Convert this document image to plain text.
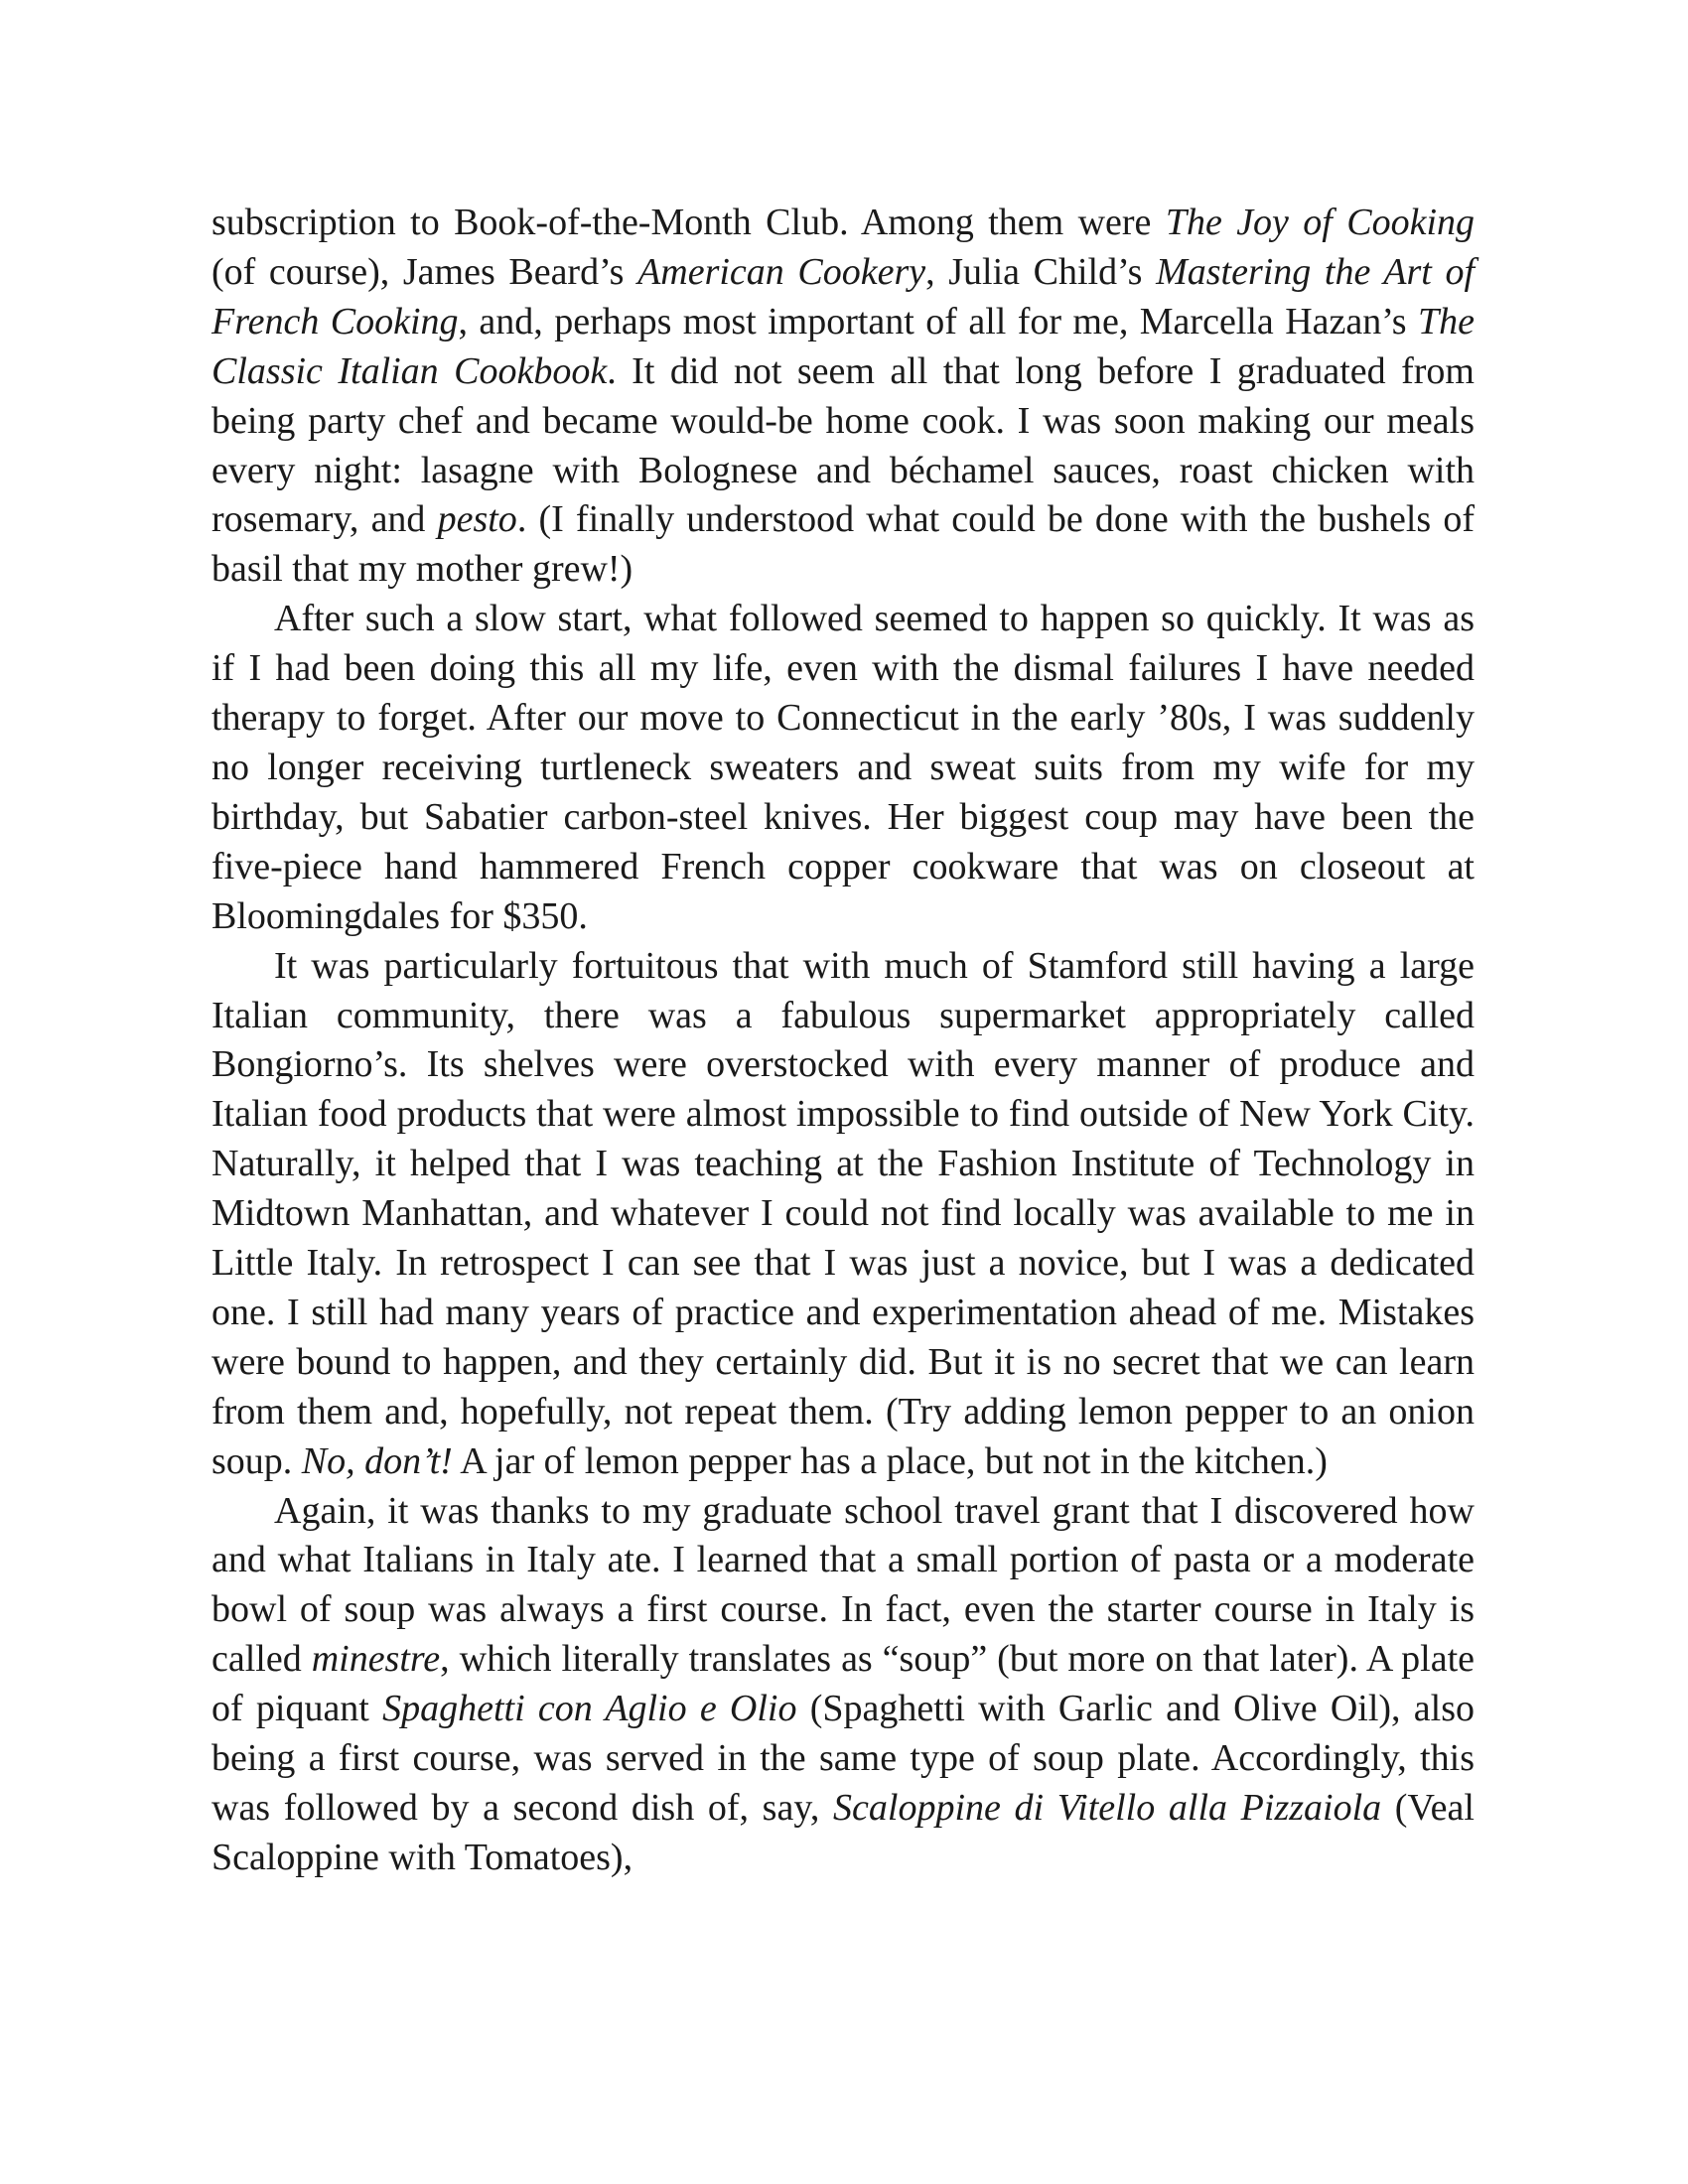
subscription to Book-of-the-Month Club. Among them were The Joy of Cooking (of course), James Beard’s American Cookery, Julia Child’s Mastering the Art of French Cooking, and, perhaps most important of all for me, Marcella Hazan’s The Classic Italian Cookbook. It did not seem all that long before I graduated from being party chef and became would-be home cook. I was soon making our meals every night: lasagne with Bolognese and béchamel sauces, roast chicken with rosemary, and pesto. (I finally understood what could be done with the bushels of basil that my mother grew!)

After such a slow start, what followed seemed to happen so quickly. It was as if I had been doing this all my life, even with the dismal failures I have needed therapy to forget. After our move to Connecticut in the early ’80s, I was suddenly no longer receiving turtleneck sweaters and sweat suits from my wife for my birthday, but Sabatier carbon-steel knives. Her biggest coup may have been the five-piece hand hammered French copper cookware that was on closeout at Bloomingdales for $350.

It was particularly fortuitous that with much of Stamford still having a large Italian community, there was a fabulous supermarket appropriately called Bongiorno’s. Its shelves were overstocked with every manner of produce and Italian food products that were almost impossible to find outside of New York City. Naturally, it helped that I was teaching at the Fashion Institute of Technology in Midtown Manhattan, and whatever I could not find locally was available to me in Little Italy. In retrospect I can see that I was just a novice, but I was a dedicated one. I still had many years of practice and experimentation ahead of me. Mistakes were bound to happen, and they certainly did. But it is no secret that we can learn from them and, hopefully, not repeat them. (Try adding lemon pepper to an onion soup. No, don’t! A jar of lemon pepper has a place, but not in the kitchen.)

Again, it was thanks to my graduate school travel grant that I discovered how and what Italians in Italy ate. I learned that a small portion of pasta or a moderate bowl of soup was always a first course. In fact, even the starter course in Italy is called minestre, which literally translates as “soup” (but more on that later). A plate of piquant Spaghetti con Aglio e Olio (Spaghetti with Garlic and Olive Oil), also being a first course, was served in the same type of soup plate. Accordingly, this was followed by a second dish of, say, Scaloppine di Vitello alla Pizzaiola (Veal Scaloppine with Tomatoes),
